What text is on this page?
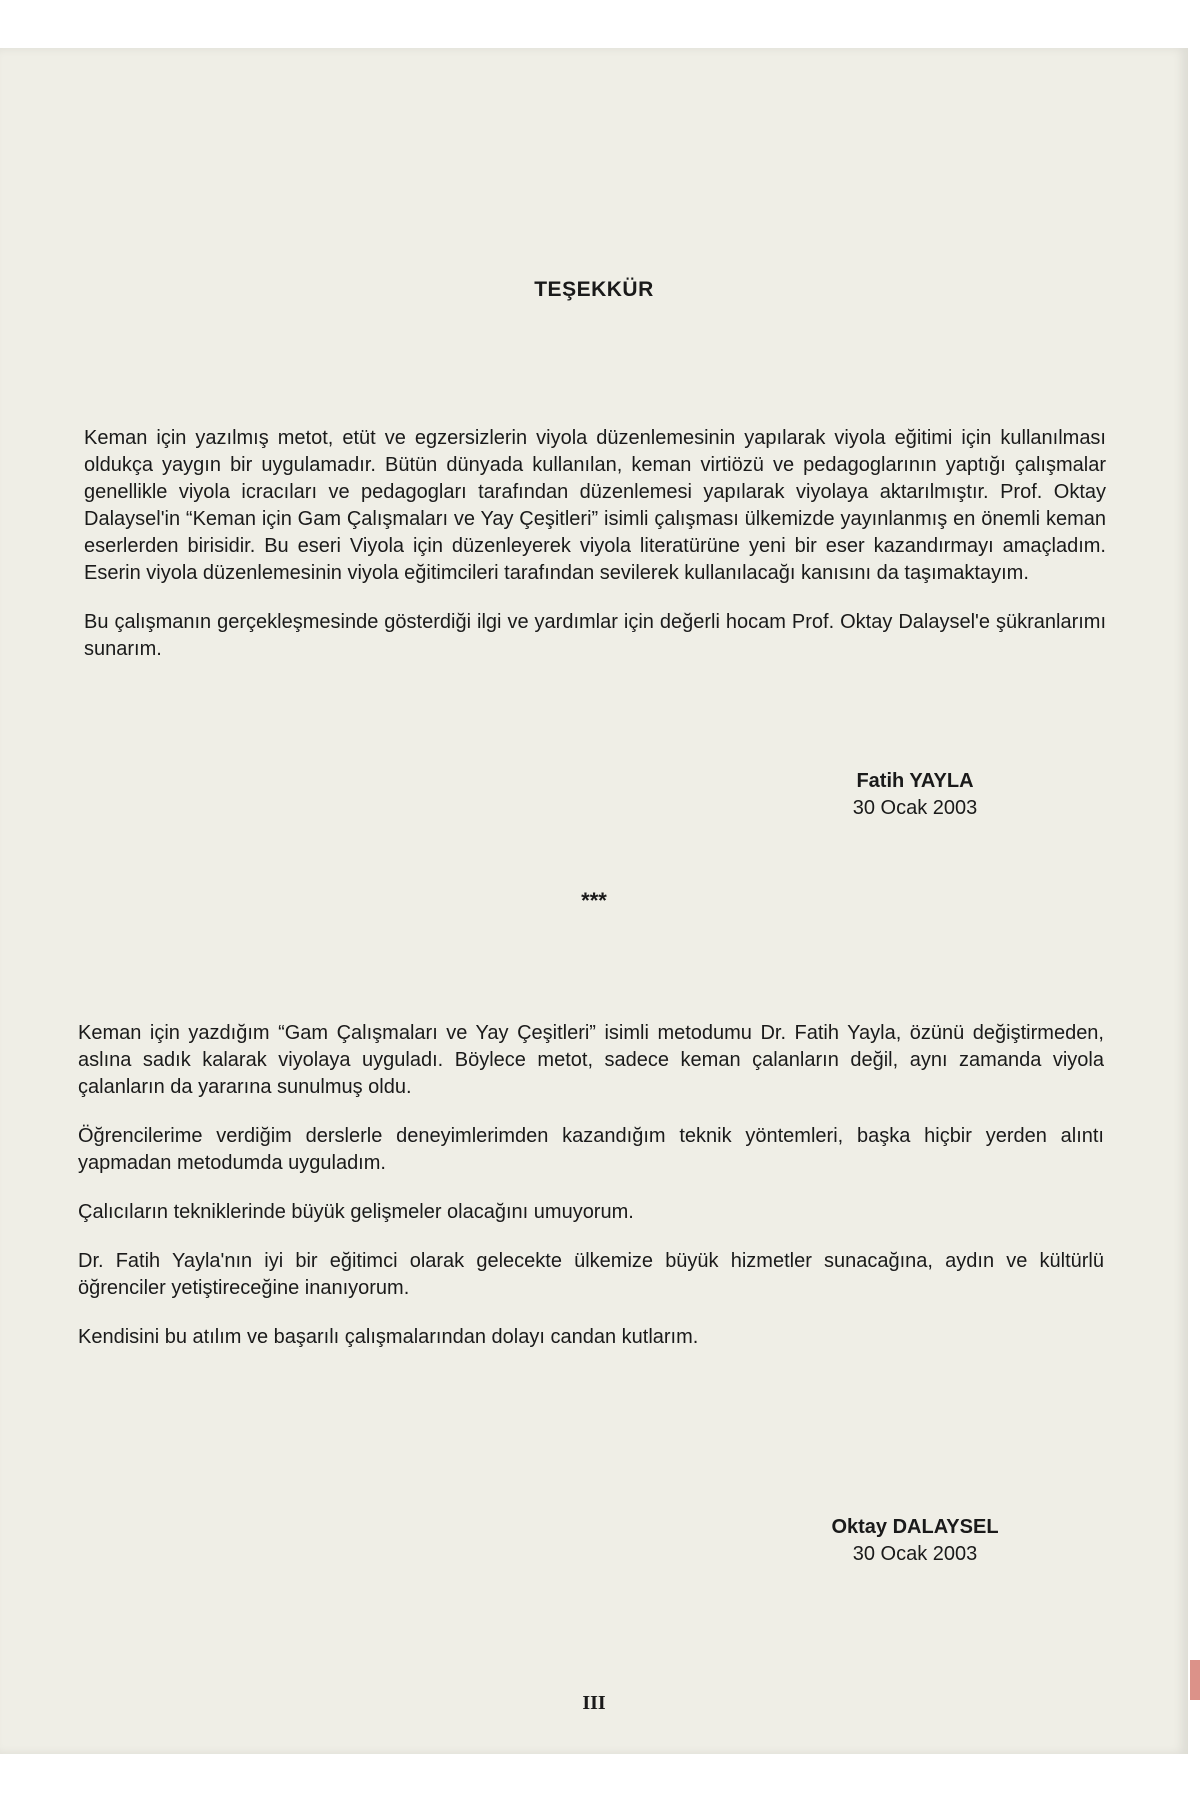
TEŞEKKÜR

Keman için yazılmış metot, etüt ve egzersizlerin viyola düzenlemesinin yapılarak viyola eğitimi için kullanılması oldukça yaygın bir uygulamadır. Bütün dünyada kullanılan, keman virtiözü ve pedagoglarının yaptığı çalışmalar genellikle viyola icracıları ve pedagogları tarafından düzenlemesi yapılarak viyolaya aktarılmıştır. Prof. Oktay Dalaysel'in “Keman için Gam Çalışmaları ve Yay Çeşitleri” isimli çalışması ülkemizde yayınlanmış en önemli keman eserlerden birisidir. Bu eseri Viyola için düzenleyerek viyola literatürüne yeni bir eser kazandırmayı amaçladım. Eserin viyola düzenlemesinin viyola eğitimcileri tarafından sevilerek kullanılacağı kanısını da taşımaktayım.

Bu çalışmanın gerçekleşmesinde gösterdiği ilgi ve yardımlar için değerli hocam Prof. Oktay Dalaysel'e şükranlarımı sunarım.

Fatih YAYLA
30 Ocak 2003
***

Keman için yazdığım “Gam Çalışmaları ve Yay Çeşitleri” isimli metodumu Dr. Fatih Yayla, özünü değiştirmeden, aslına sadık kalarak viyolaya uyguladı. Böylece metot, sadece keman çalanların değil, aynı zamanda viyola çalanların da yararına sunulmuş oldu.

Öğrencilerime verdiğim derslerle deneyimlerimden kazandığım teknik yöntemleri, başka hiçbir yerden alıntı yapmadan metodumda uyguladım.

Çalıcıların tekniklerinde büyük gelişmeler olacağını umuyorum.

Dr. Fatih Yayla'nın iyi bir eğitimci olarak gelecekte ülkemize büyük hizmetler sunacağına, aydın ve kültürlü öğrenciler yetiştireceğine inanıyorum.

Kendisini bu atılım ve başarılı çalışmalarından dolayı candan kutlarım.

Oktay DALAYSEL
30 Ocak 2003
III
